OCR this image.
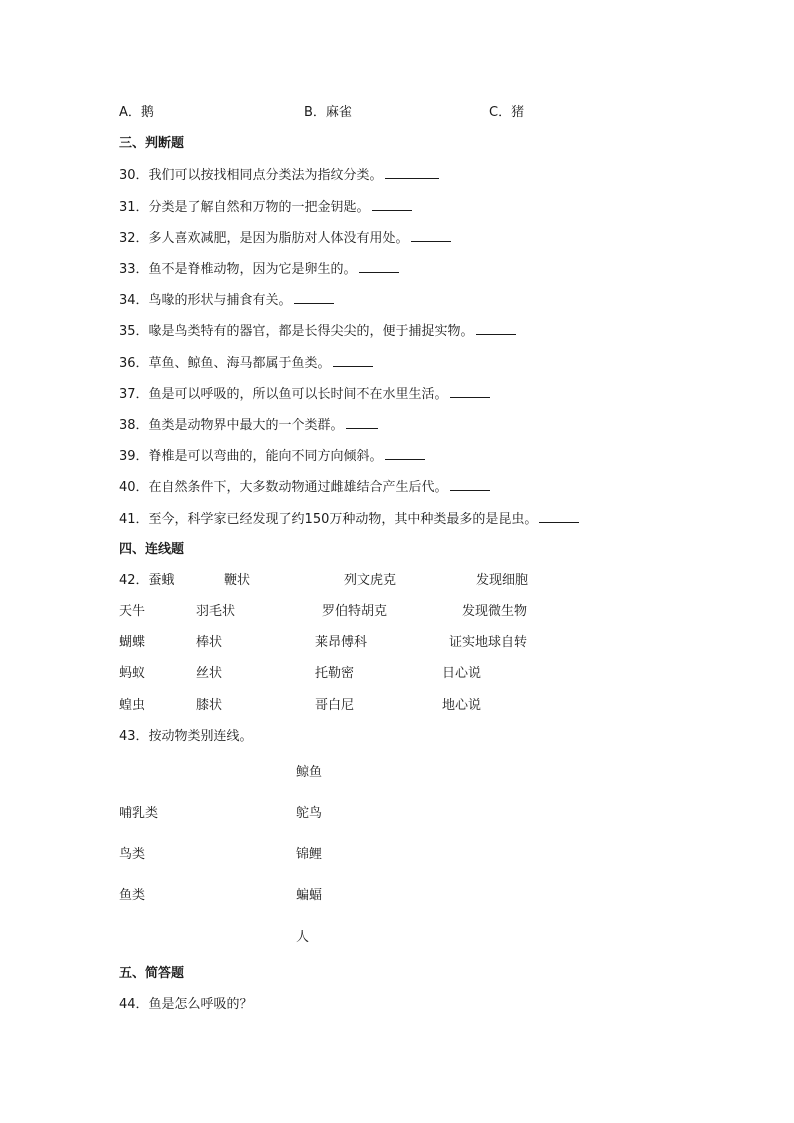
A．鹅	B．麻雀	C．猪
三、判断题
30．我们可以按找相同点分类法为指纹分类。
31．分类是了解自然和万物的一把金钥匙。
32．多人喜欢减肥，是因为脂肪对人体没有用处。
33．鱼不是脊椎动物，因为它是卵生的。
34．鸟喙的形状与捕食有关。
35．喙是鸟类特有的器官，都是长得尖尖的，便于捕捉实物。
36．草鱼、鲸鱼、海马都属于鱼类。
37．鱼是可以呼吸的，所以鱼可以长时间不在水里生活。
38．鱼类是动物界中最大的一个类群。
39．脊椎是可以弯曲的，能向不同方向倾斜。
40．在自然条件下，大多数动物通过雌雄结合产生后代。
41．至今，科学家已经发现了约150万种动物，其中种类最多的是昆虫。
四、连线题
42．蚕蛾	鞭状	列文虎克	发现细胞
天牛	羽毛状	罗伯特胡克	发现微生物
蝴蝶	棒状	莱昂傅科	证实地球自转
蚂蚁	丝状	托勒密	日心说
蝗虫	膝状	哥白尼	地心说
43．按动物类别连线。
鲸鱼
哺乳类	鸵鸟
鸟类	锦鲤
鱼类	蝙蝠
人
五、简答题
44．鱼是怎么呼吸的？
